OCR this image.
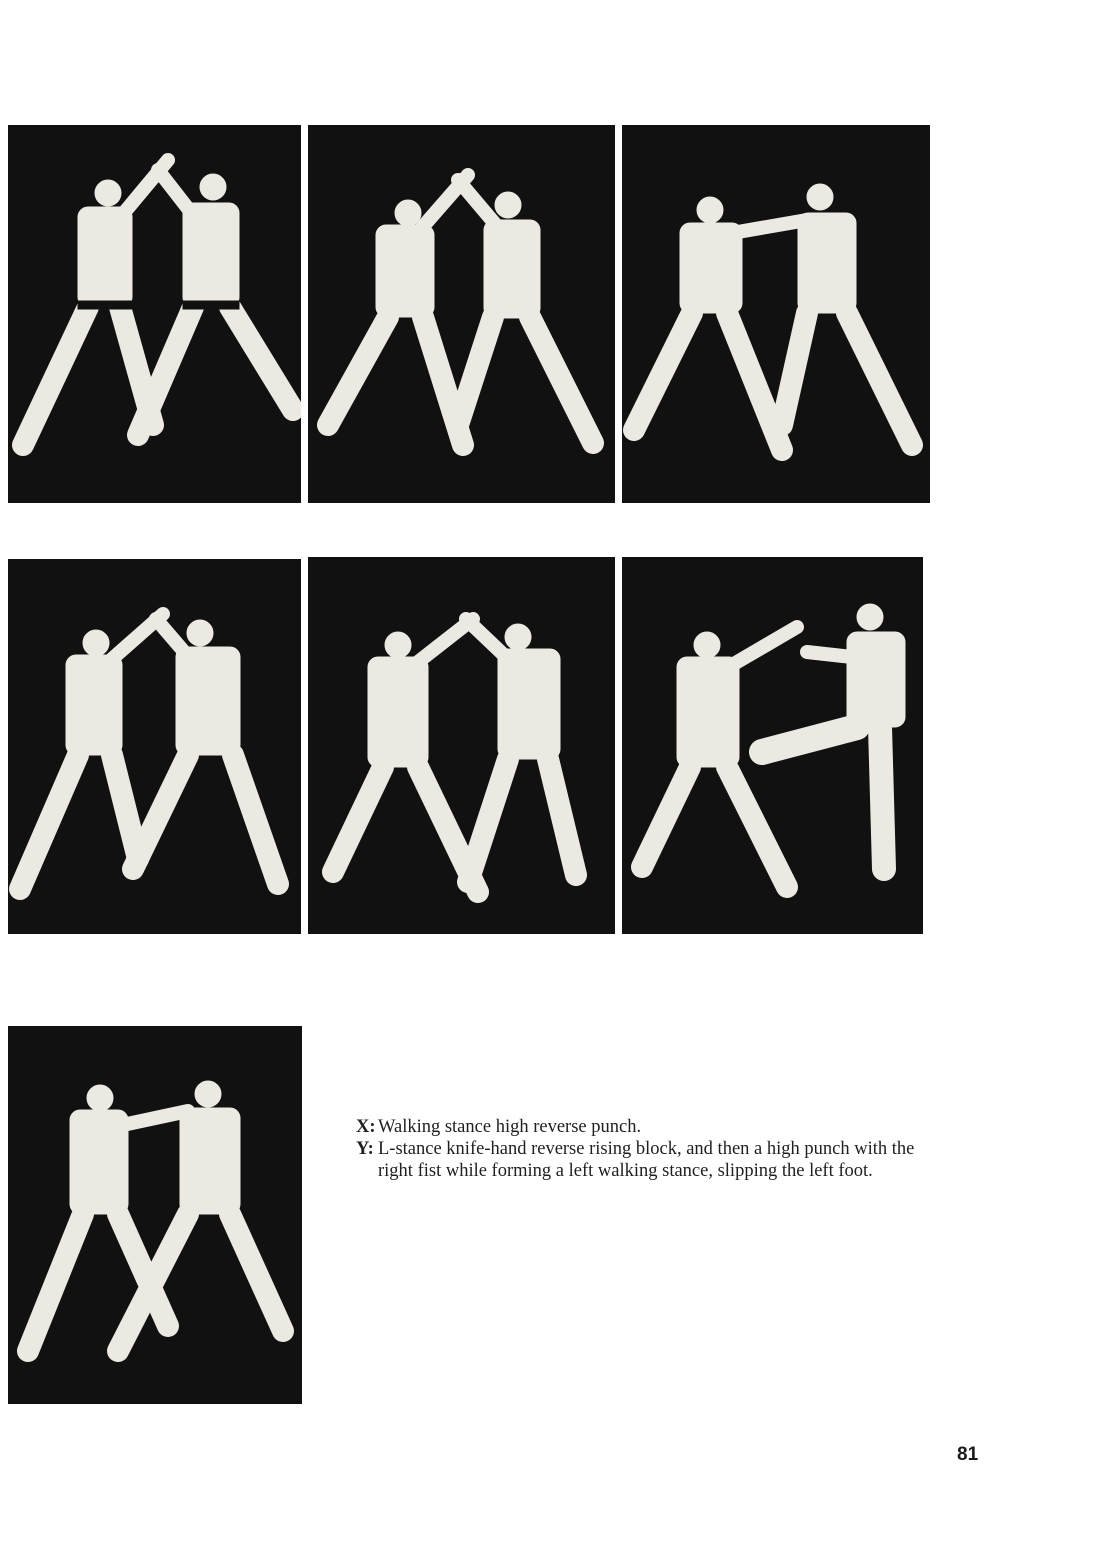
X: Walking stance high reverse punch.
Y: L-stance knife-hand reverse rising block, and then a high punch with the right fist while forming a left walking stance, slipping the left foot.
81
